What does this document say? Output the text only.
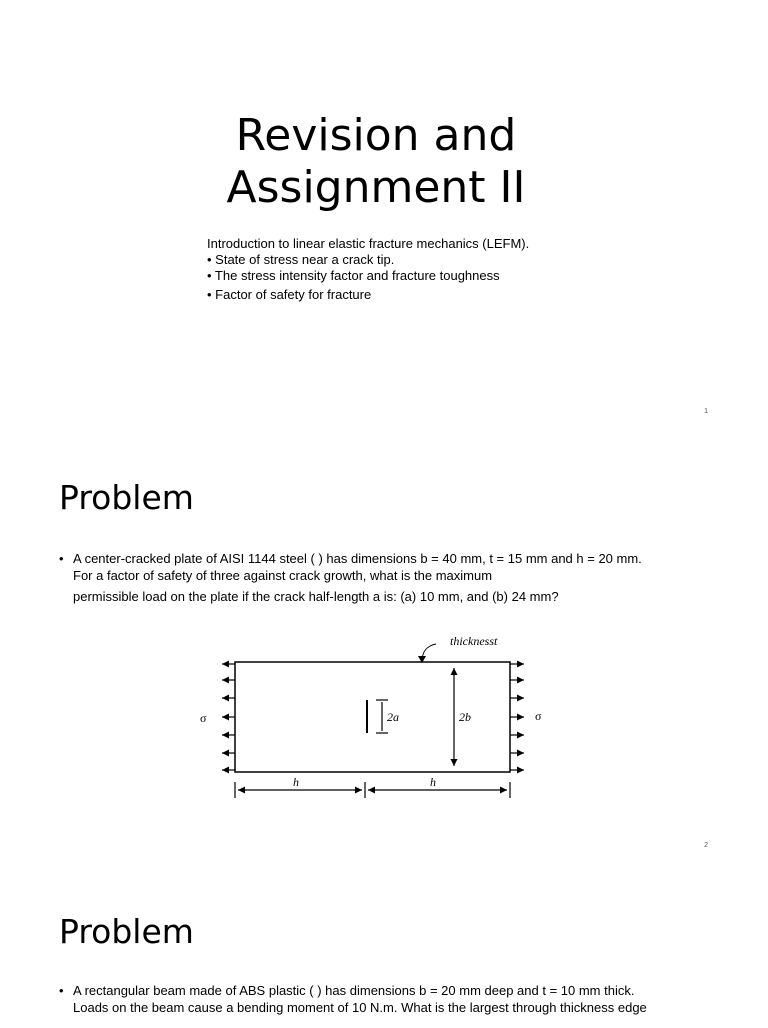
Revision and
Assignment II
Introduction to linear elastic fracture mechanics (LEFM).
• State of stress near a crack tip.
• The stress intensity factor and fracture toughness
• Factor of safety for fracture
1
Problem
• A center-cracked plate of AISI 1144 steel ( ) has dimensions b = 40 mm, t = 15 mm and h = 20 mm.
For a factor of safety of three against crack growth, what is the maximum
permissible load on the plate if the crack half-length a is: (a) 10 mm, and (b) 24 mm?
σ	σ
thicknesst
2a	2b
h	h
2
Problem
• A rectangular beam made of ABS plastic ( ) has dimensions b = 20 mm deep and t = 10 mm thick.
Loads on the beam cause a bending moment of 10 N.m. What is the largest through thickness edge
